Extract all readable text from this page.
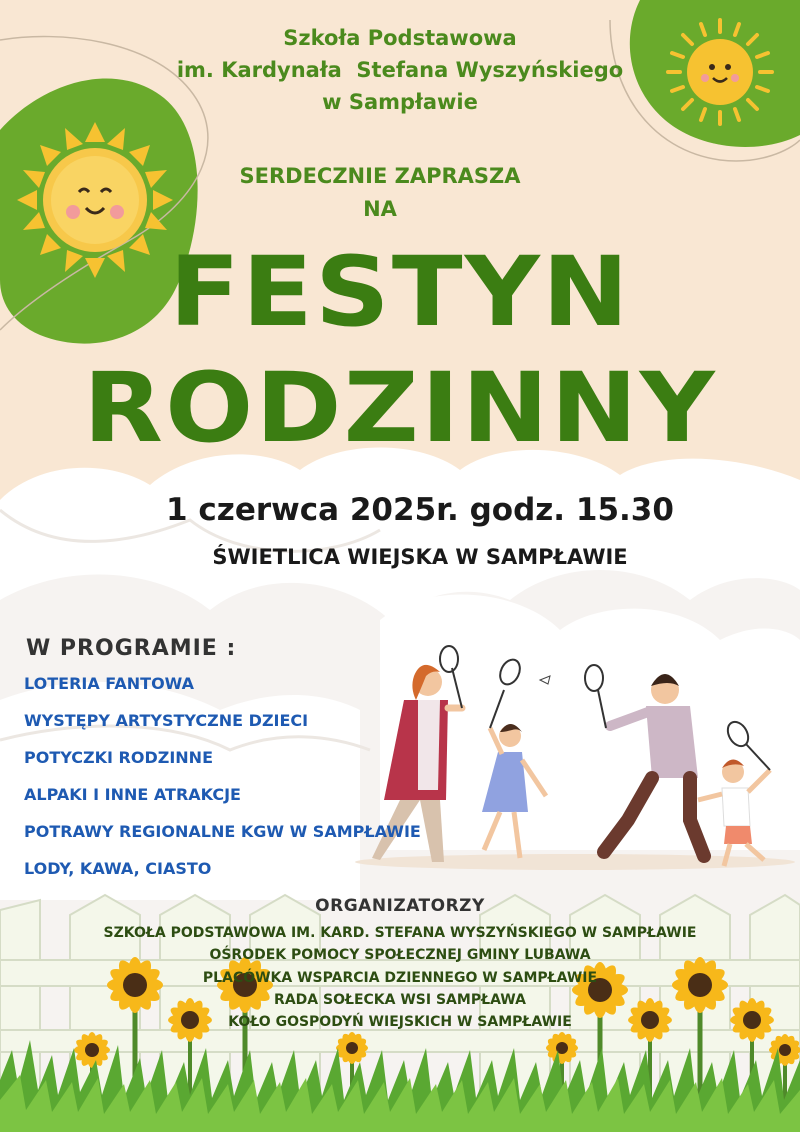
Szkoła Podstawowa
im. Kardynała  Stefana Wyszyńskiego
w Sampławie
SERDECZNIE ZAPRASZA
NA
FESTYN
RODZINNY
1 czerwca 2025r. godz. 15.30
ŚWIETLICA WIEJSKA W SAMPŁAWIE
W PROGRAMIE :
LOTERIA FANTOWA
WYSTĘPY ARTYSTYCZNE DZIECI
POTYCZKI RODZINNE
ALPAKI I INNE ATRAKCJE
POTRAWY REGIONALNE KGW W SAMPŁAWIE
LODY, KAWA, CIASTO
ORGANIZATORZY
SZKOŁA PODSTAWOWA IM. KARD. STEFANA WYSZYŃSKIEGO W SAMPŁAWIE
OŚRODEK POMOCY SPOŁECZNEJ GMINY LUBAWA
PLACÓWKA WSPARCIA DZIENNEGO W SAMPŁAWIE
RADA SOŁECKA WSI SAMPŁAWA
KOŁO GOSPODYŃ WIEJSKICH W SAMPŁAWIE
